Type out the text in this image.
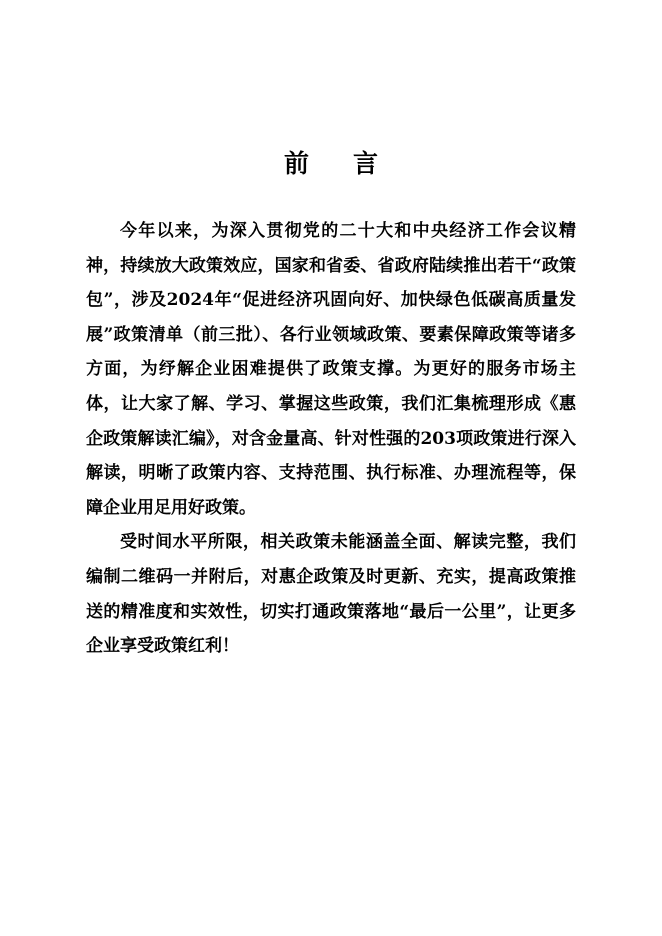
前言

今年以来，为深入贯彻党的二十大和中央经济工作会议精神，持续放大政策效应，国家和省委、省政府陆续推出若干“政策包”，涉及2024年“促进经济巩固向好、加快绿色低碳高质量发展”政策清单（前三批）、各行业领域政策、要素保障政策等诸多方面，为纾解企业困难提供了政策支撑。为更好的服务市场主体，让大家了解、学习、掌握这些政策，我们汇集梳理形成《惠企政策解读汇编》，对含金量高、针对性强的203项政策进行深入解读，明晰了政策内容、支持范围、执行标准、办理流程等，保障企业用足用好政策。

受时间水平所限，相关政策未能涵盖全面、解读完整，我们编制二维码一并附后，对惠企政策及时更新、充实，提高政策推送的精准度和实效性，切实打通政策落地“最后一公里”，让更多企业享受政策红利！
